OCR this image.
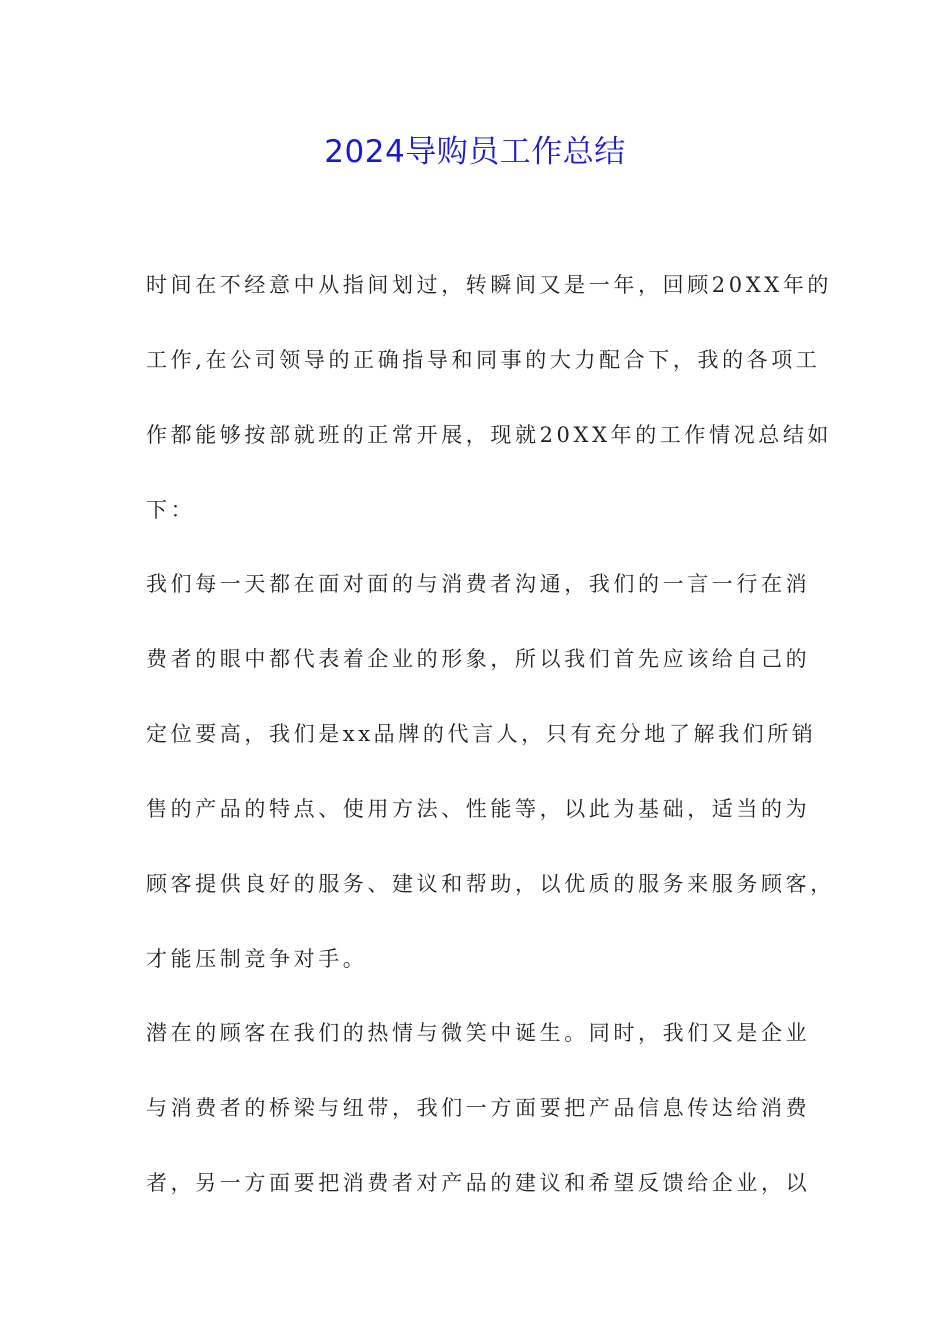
2024导购员工作总结

时间在不经意中从指间划过，转瞬间又是一年，回顾20XX年的

工作,在公司领导的正确指导和同事的大力配合下，我的各项工

作都能够按部就班的正常开展，现就20XX年的工作情况总结如

下：

我们每一天都在面对面的与消费者沟通，我们的一言一行在消

费者的眼中都代表着企业的形象，所以我们首先应该给自己的

定位要高，我们是xx品牌的代言人，只有充分地了解我们所销

售的产品的特点、使用方法、性能等，以此为基础，适当的为

顾客提供良好的服务、建议和帮助，以优质的服务来服务顾客，

才能压制竞争对手。

潜在的顾客在我们的热情与微笑中诞生。同时，我们又是企业

与消费者的桥梁与纽带，我们一方面要把产品信息传达给消费

者，另一方面要把消费者对产品的建议和希望反馈给企业，以
